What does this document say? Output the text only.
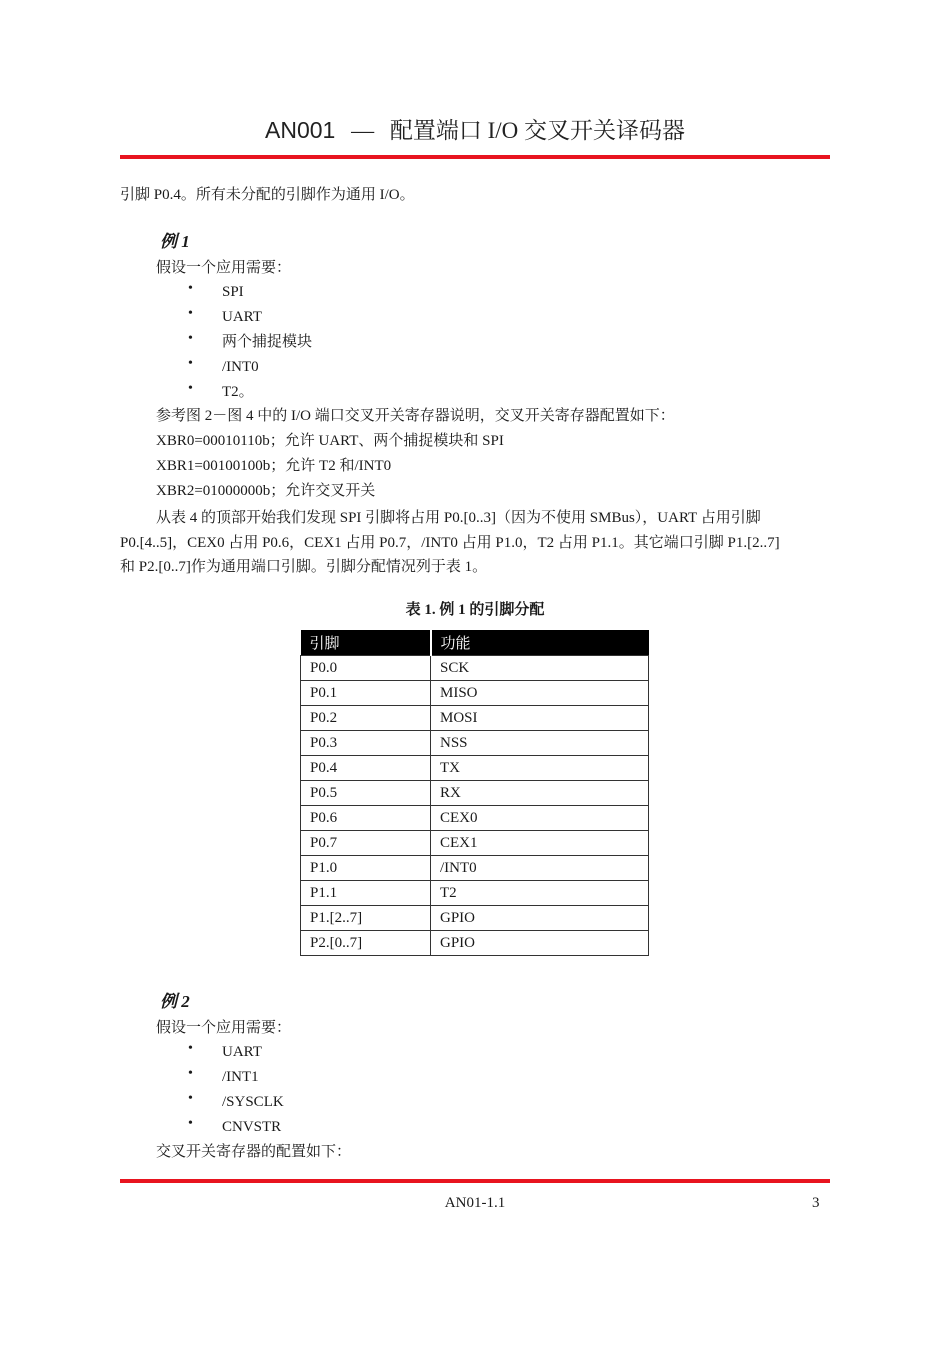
AN001 — 配置端口 I/O 交叉开关译码器
引脚 P0.4。所有未分配的引脚作为通用 I/O。
例 1
假设一个应用需要：
• SPI
• UART
• 两个捕捉模块
• /INT0
• T2。
参考图 2－图 4 中的 I/O 端口交叉开关寄存器说明，交叉开关寄存器配置如下：
XBR0=00010110b；允许 UART、两个捕捉模块和 SPI
XBR1=00100100b；允许 T2 和/INT0
XBR2=01000000b；允许交叉开关
从表 4 的顶部开始我们发现 SPI 引脚将占用 P0.[0..3]（因为不使用 SMBus），UART 占用引脚
P0.[4..5]，CEX0 占用 P0.6，CEX1 占用 P0.7，/INT0 占用 P1.0，T2 占用 P1.1。其它端口引脚 P1.[2..7]
和 P2.[0..7]作为通用端口引脚。引脚分配情况列于表 1。
表 1. 例 1 的引脚分配
引脚	功能
P0.0	SCK
P0.1	MISO
P0.2	MOSI
P0.3	NSS
P0.4	TX
P0.5	RX
P0.6	CEX0
P0.7	CEX1
P1.0	/INT0
P1.1	T2
P1.[2..7]	GPIO
P2.[0..7]	GPIO
例 2
假设一个应用需要：
• UART
• /INT1
• /SYSCLK
• CNVSTR
交叉开关寄存器的配置如下：
AN01-1.1	3
